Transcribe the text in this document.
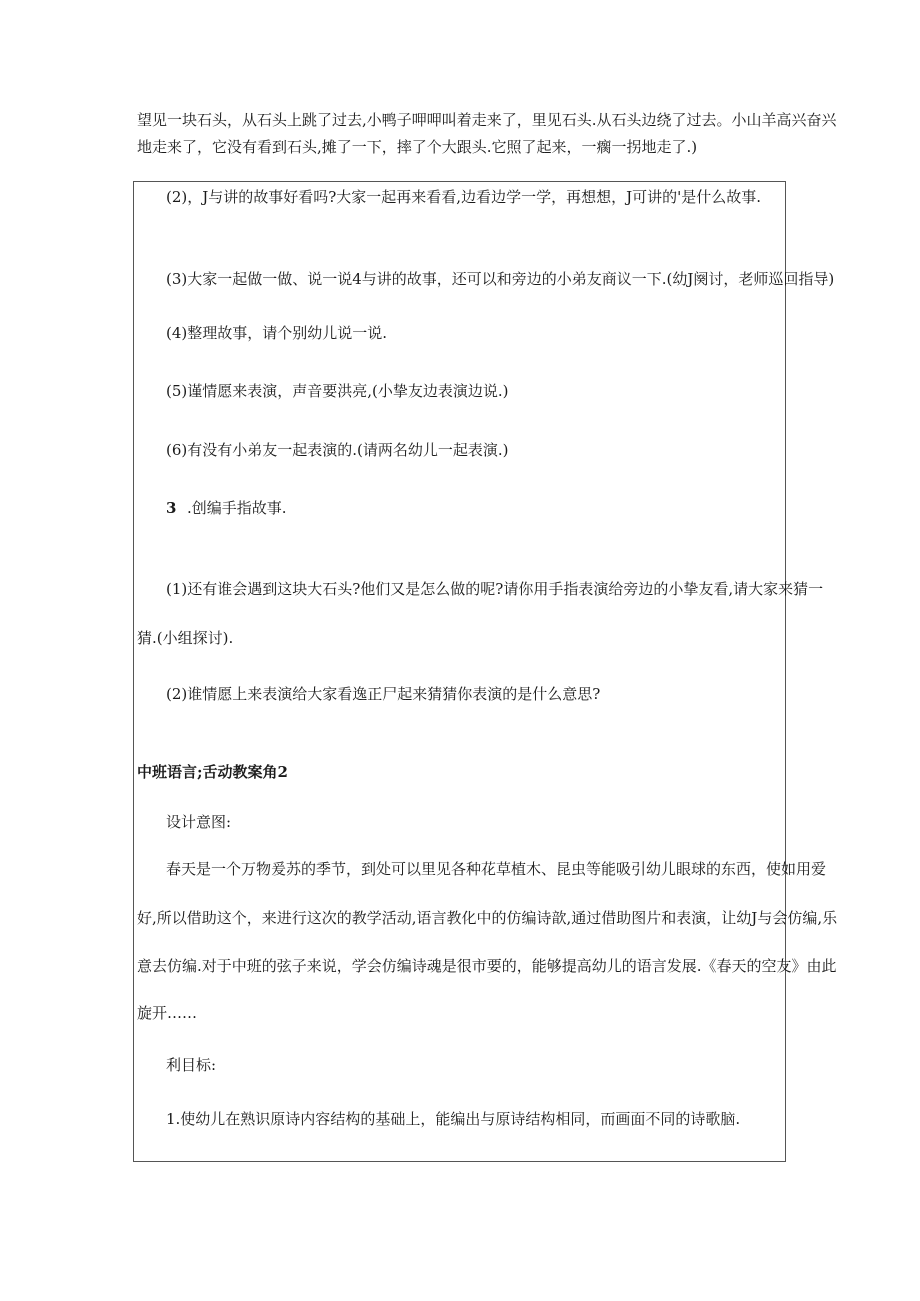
望见一块石头，从石头上跳了过去,小鸭子呷呷叫着走来了，里见石头.从石头边绕了过去。小山羊高兴奋兴
地走来了，它没有看到石头,摊了一下，摔了个大跟头.它照了起来，一瘸一拐地走了.)
(2)，J与讲的故事好看吗?大家一起再来看看,边看边学一学，再想想，J可讲的'是什么故事.
(3)大家一起做一做、说一说4与讲的故事，还可以和旁边的小弟友商议一下.(幼J阕讨，老师巡回指导)
(4)整理故事，请个别幼儿说一说.
(5)谨情愿来表演，声音要洪亮,(小挚友边表演边说.)
(6)有没有小弟友一起表演的.(请两名幼儿一起表演.)
3 .创编手指故事.
(1)还有谁会遇到这块大石头?他们又是怎么做的呢?请你用手指表演给旁边的小挚友看,请大家来猜一
猜.(小组探讨).
(2)谁情愿上来表演给大家看逸正尸起来猜猜你表演的是什么意思?
中班语言;舌动教案角2
设计意图:
春天是一个万物爰苏的季节，到处可以里见各种花草植木、昆虫等能吸引幼儿眼球的东西，使如用爱
好,所以借助这个，来进行这次的教学活动,语言教化中的仿编诗歆,通过借助图片和表演，让幼J与会仿编,乐
意去仿编.对于中班的弦子来说，学会仿编诗魂是很市要的，能够提高幼儿的语言发展.《春天的空友》由此
旋开……
利目标:
1.使幼儿在熟识原诗内容结构的基础上，能编出与原诗结构相同，而画面不同的诗歌脑.
